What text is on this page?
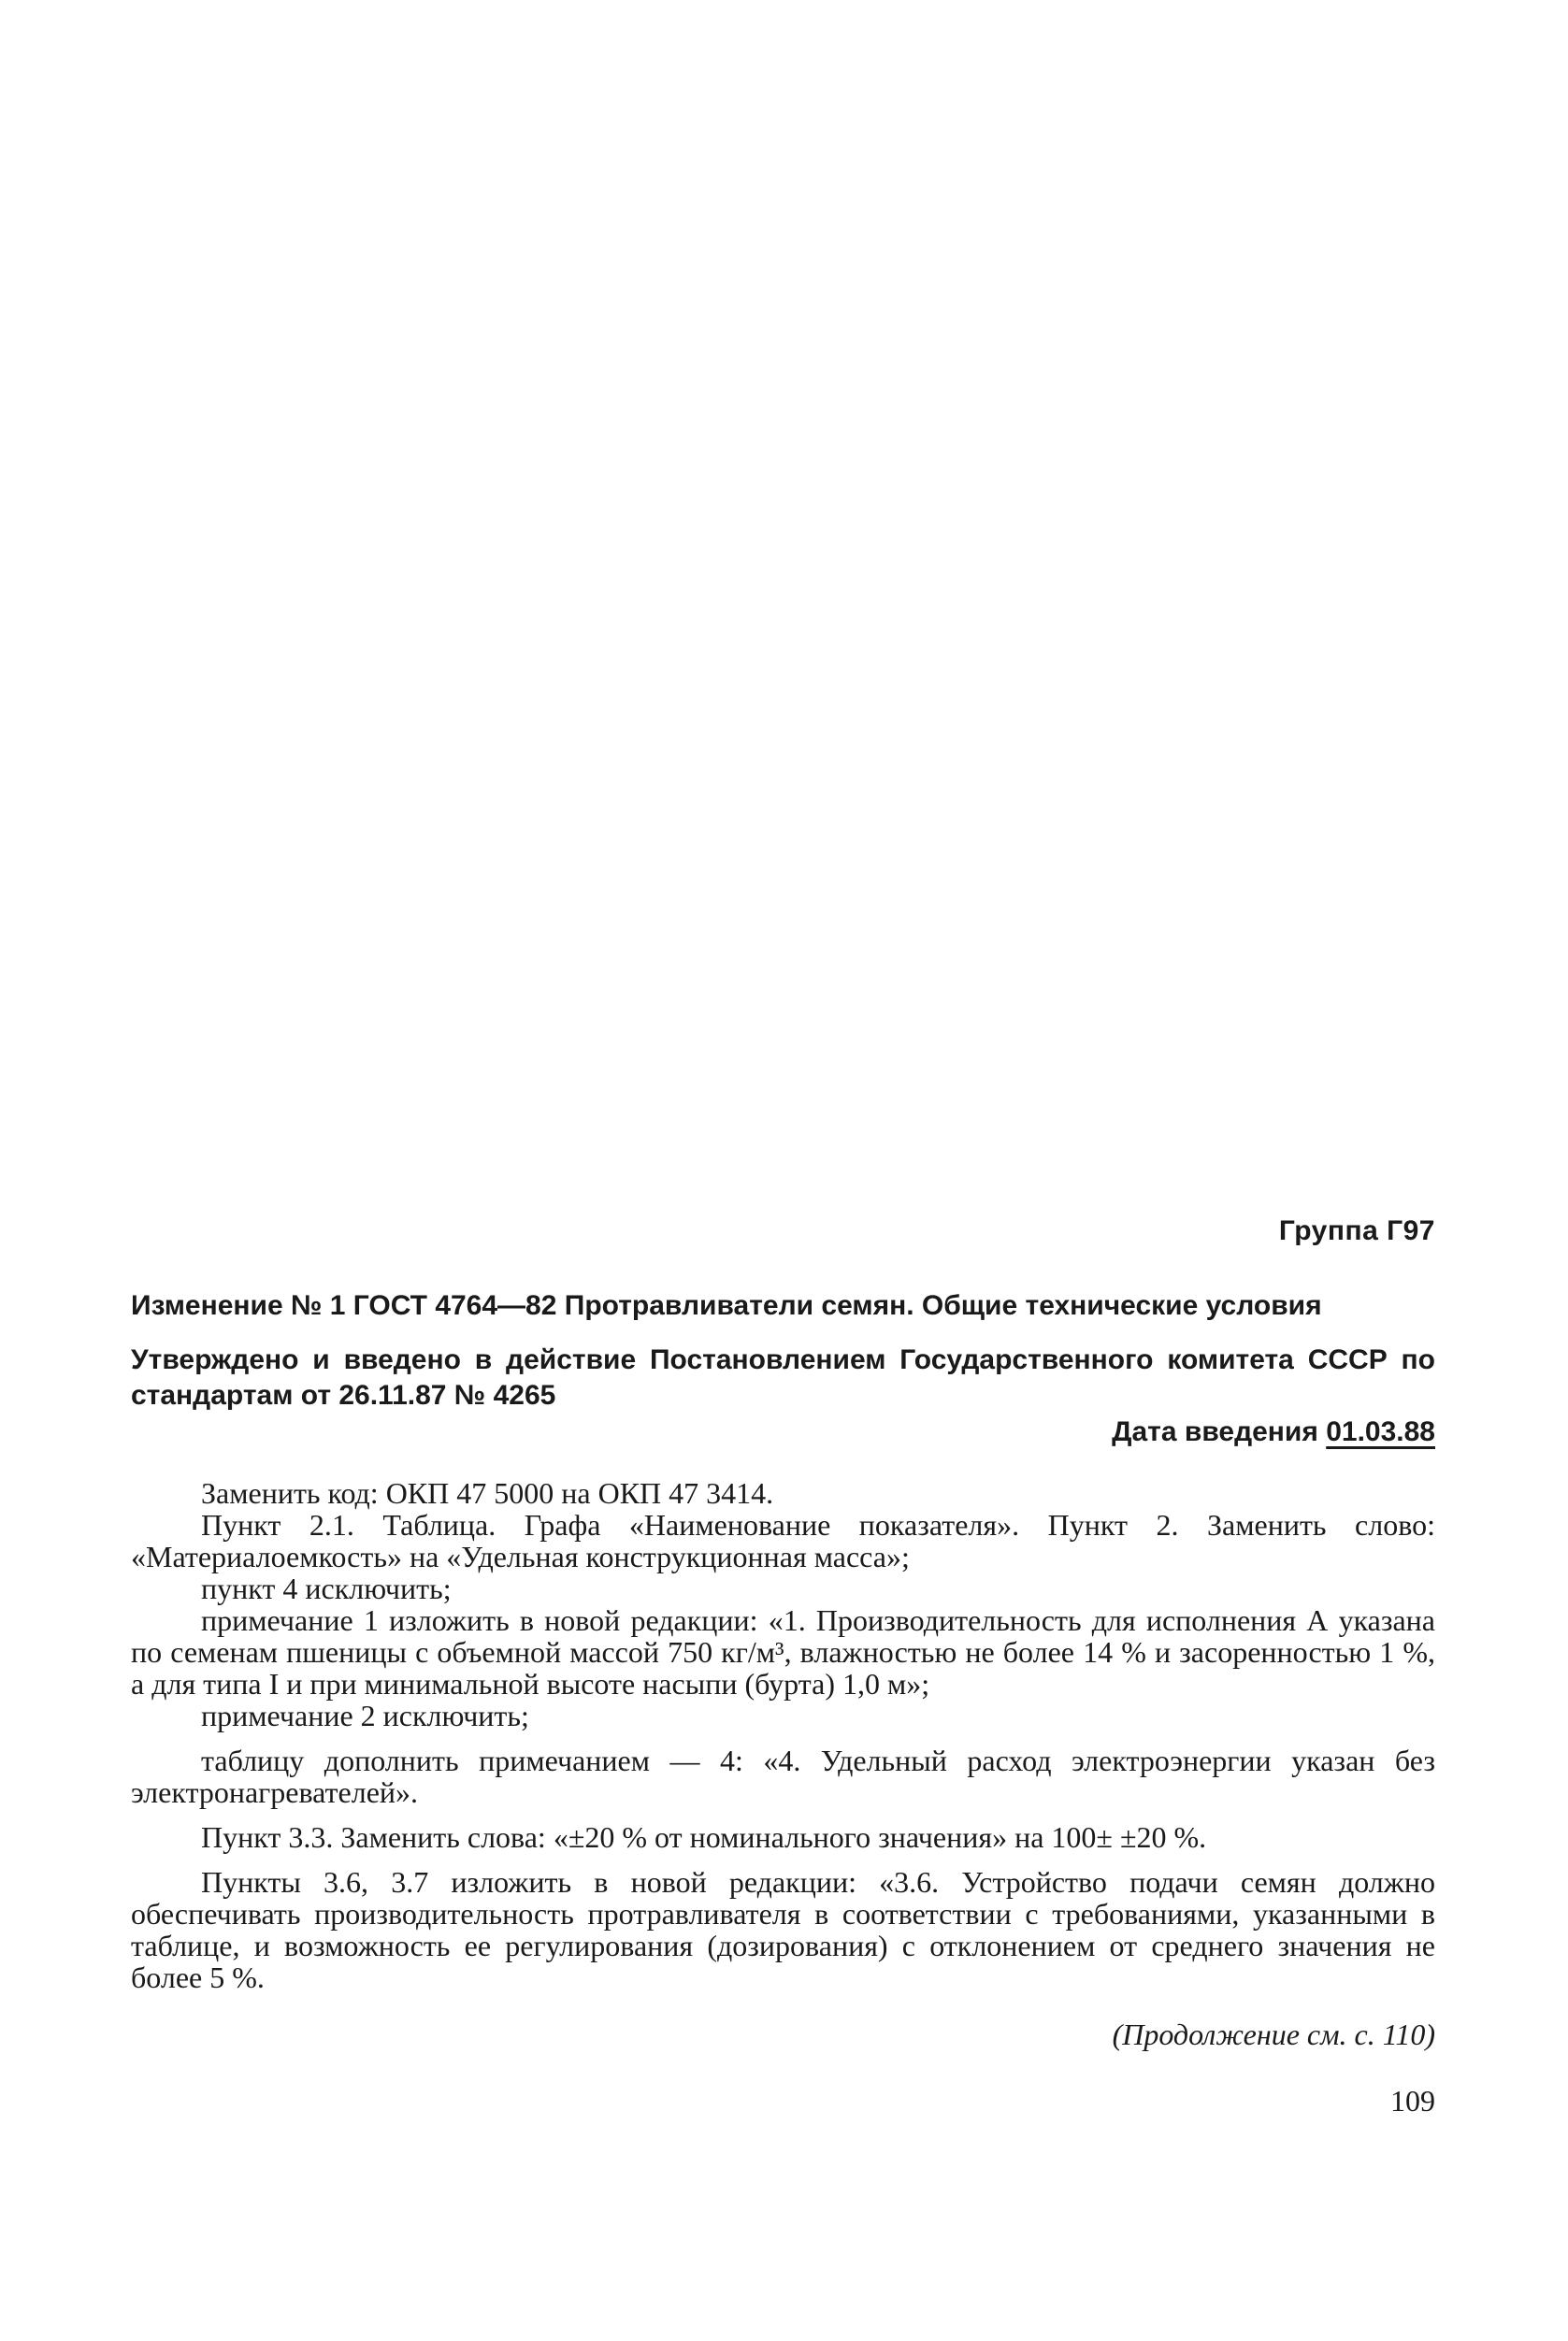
Группа Г97
Изменение № 1 ГОСТ 4764—82 Протравливатели семян. Общие технические условия
Утверждено и введено в действие Постановлением Государственного комитета СССР по стандартам от 26.11.87 № 4265
Дата введения 01.03.88

Заменить код: ОКП 47 5000 на ОКП 47 3414.

Пункт 2.1. Таблица. Графа «Наименование показателя». Пункт 2. Заменить слово: «Материалоемкость» на «Удельная конструкционная масса»;

пункт 4 исключить;

примечание 1 изложить в новой редакции: «1. Производительность для исполнения А указана по семенам пшеницы с объемной массой 750 кг/м³, влажностью не более 14 % и засоренностью 1 %, а для типа I и при минимальной высоте насыпи (бурта) 1,0 м»;

примечание 2 исключить;

таблицу дополнить примечанием — 4: «4. Удельный расход электроэнергии указан без электронагревателей».

Пункт 3.3. Заменить слова: «±20 % от номинального значения» на 100± ±20 %.

Пункты 3.6, 3.7 изложить в новой редакции: «3.6. Устройство подачи семян должно обеспечивать производительность протравливателя в соответствии с требованиями, указанными в таблице, и возможность ее регулирования (дозирования) с отклонением от среднего значения не более 5 %.

(Продолжение см. с. 110)
109
